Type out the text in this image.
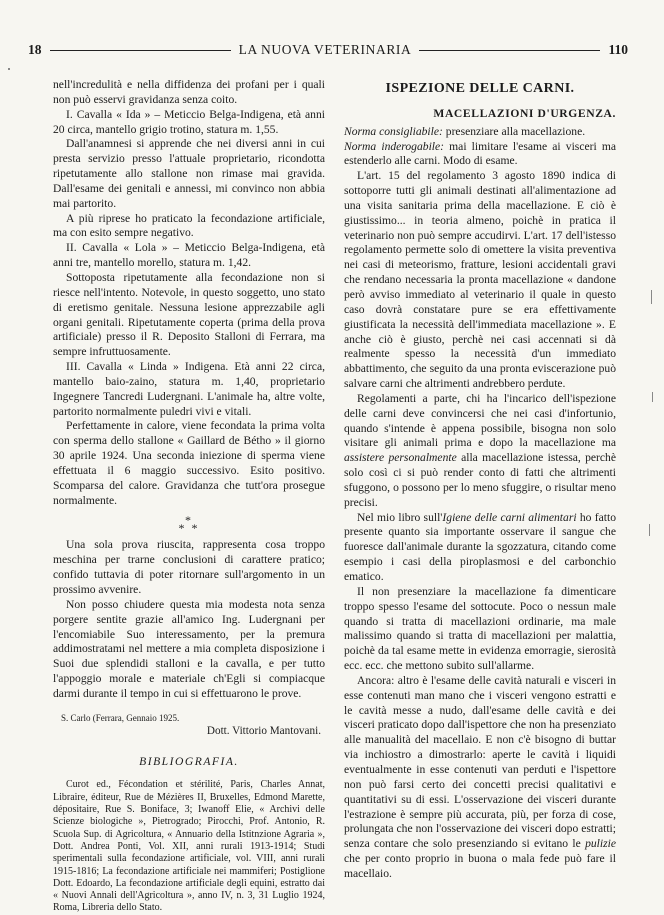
18	LA NUOVA VETERINARIA	110

nell'incredulità e nella diffidenza dei profani per i quali non può esservi gravidanza senza coito.

I. Cavalla « Ida » – Meticcio Belga-Indigena, età anni 20 circa, mantello grigio trotino, statura m. 1,55.

Dall'anamnesi si apprende che nei diversi anni in cui presta servizio presso l'attuale proprietario, ricondotta ripetutamente allo stallone non rimase mai gravida. Dall'esame dei genitali e annessi, mi convinco non abbia mai partorito.

A più riprese ho praticato la fecondazione artificiale, ma con esito sempre negativo.

II. Cavalla « Lola » – Meticcio Belga-Indigena, età anni tre, mantello morello, statura m. 1,42.

Sottoposta ripetutamente alla fecondazione non si riesce nell'intento. Notevole, in questo soggetto, uno stato di eretismo genitale. Nessuna lesione apprezzabile agli organi genitali. Ripetutamente coperta (prima della prova artificiale) presso il R. Deposito Stalloni di Ferrara, ma sempre infruttuosamente.

III. Cavalla « Linda » Indigena. Età anni 22 circa, mantello baio-zaino, statura m. 1,40, proprietario Ingegnere Tancredi Ludergnani. L'animale ha, altre volte, partorito normalmente puledri vivi e vitali.

Perfettamente in calore, viene fecondata la prima volta con sperma dello stallone « Gaillard de Bétho » il giorno 30 aprile 1924. Una seconda iniezione di sperma viene effettuata il 6 maggio successivo. Esito positivo. Scomparsa del calore. Gravidanza che tutt'ora prosegue normalmente.

*
* *

Una sola prova riuscita, rappresenta cosa troppo meschina per trarne conclusioni di carattere pratico; confido tuttavia di poter ritornare sull'argomento in un prossimo avvenire.

Non posso chiudere questa mia modesta nota senza porgere sentite grazie all'amico Ing. Ludergnani per l'encomiabile Suo interessamento, per la premura addimostratami nel mettere a mia completa disposizione i Suoi due splendidi stalloni e la cavalla, e per tutto l'appoggio morale e materiale ch'Egli si compiacque darmi durante il tempo in cui si effettuarono le prove.

S. Carlo (Ferrara, Gennaio 1925.
Dott. Vittorio Mantovani.
BIBLIOGRAFIA.

Curot ed., Fécondation et stérilité, Paris, Charles Annat, Libraire, éditeur, Rue de Mézières II, Bruxelles, Edmond Marette, dépositaire, Rue S. Boniface, 3; Iwanoff Elie, « Archivi delle Scienze biologiche », Pietrogrado; Pirocchi, Prof. Antonio, R. Scuola Sup. di Agricoltura, « Annuario della Istitnzione Agraria », Dott. Andrea Ponti, Vol. XII, anni rurali 1913-1914; Studi sperimentali sulla fecondazione artificiale, vol. VIII, anni rurali 1915-1816; La fecondazione artificiale nei mammiferi; Postiglione Dott. Edoardo, La fecondazione artificiale degli equini, estratto dai « Nuovi Annali dell'Agricoltura », anno IV, n. 3, 31 Luglio 1924, Roma, Libreria dello Stato.

ISPEZIONE DELLE CARNI.
MACELLAZIONI D'URGENZA.

Norma consigliabile: presenziare alla macellazione.

Norma inderogabile: mai limitare l'esame ai visceri ma estenderlo alle carni. Modo di esame.

L'art. 15 del regolamento 3 agosto 1890 indica di sottoporre tutti gli animali destinati all'alimentazione ad una visita sanitaria prima della macellazione. E ciò è giustissimo... in teoria almeno, poichè in pratica il veterinario non può sempre accudirvi. L'art. 17 dell'istesso regolamento permette solo di omettere la visita preventiva nei casi di meteorismo, fratture, lesioni accidentali gravi che rendano necessaria la pronta macellazione « dandone però avviso immediato al veterinario il quale in questo caso dovrà constatare pure se era effettivamente giustificata la necessità dell'immediata macellazione ». E anche ciò è giusto, perchè nei casi accennati si dà realmente spesso la necessità d'un immediato abbattimento, che seguito da una pronta eviscerazione può salvare carni che altrimenti andrebbero perdute.

Regolamenti a parte, chi ha l'incarico dell'ispezione delle carni deve convincersi che nei casi d'infortunio, quando s'intende è appena possibile, bisogna non solo visitare gli animali prima e dopo la macellazione ma assistere personalmente alla macellazione istessa, perchè solo così ci si può render conto di fatti che altrimenti sfuggono, o possono per lo meno sfuggire, o risultar meno precisi.

Nel mio libro sull'Igiene delle carni alimentari ho fatto presente quanto sia importante osservare il sangue che fuoresce dall'animale durante la sgozzatura, citando come esempio i casi della piroplasmosi e del carbonchio ematico.

Il non presenziare la macellazione fa dimenticare troppo spesso l'esame del sottocute. Poco o nessun male quando si tratta di macellazioni ordinarie, ma male malissimo quando si tratta di macellazioni per malattia, poichè da tal esame mette in evidenza emorragie, sierosità ecc. ecc. che mettono subito sull'allarme.

Ancora: altro è l'esame delle cavità naturali e visceri in esse contenuti man mano che i visceri vengono estratti e le cavità messe a nudo, dall'esame delle cavità e dei visceri praticato dopo dall'ispettore che non ha presenziato alle manualità del macellaio. E non c'è bisogno di buttar via inchiostro a dimostrarlo: aperte le cavità i liquidi eventualmente in esse contenuti van perduti e l'ispettore non può farsi certo dei concetti precisi qualitativi e quantitativi su di essi. L'osservazione dei visceri durante l'estrazione è sempre più accurata, più, per forza di cose, prolungata che non l'osservazione dei visceri dopo estratti; senza contare che solo presenziando si evitano le pulizie che per conto proprio in buona o mala fede può fare il macellaio.
